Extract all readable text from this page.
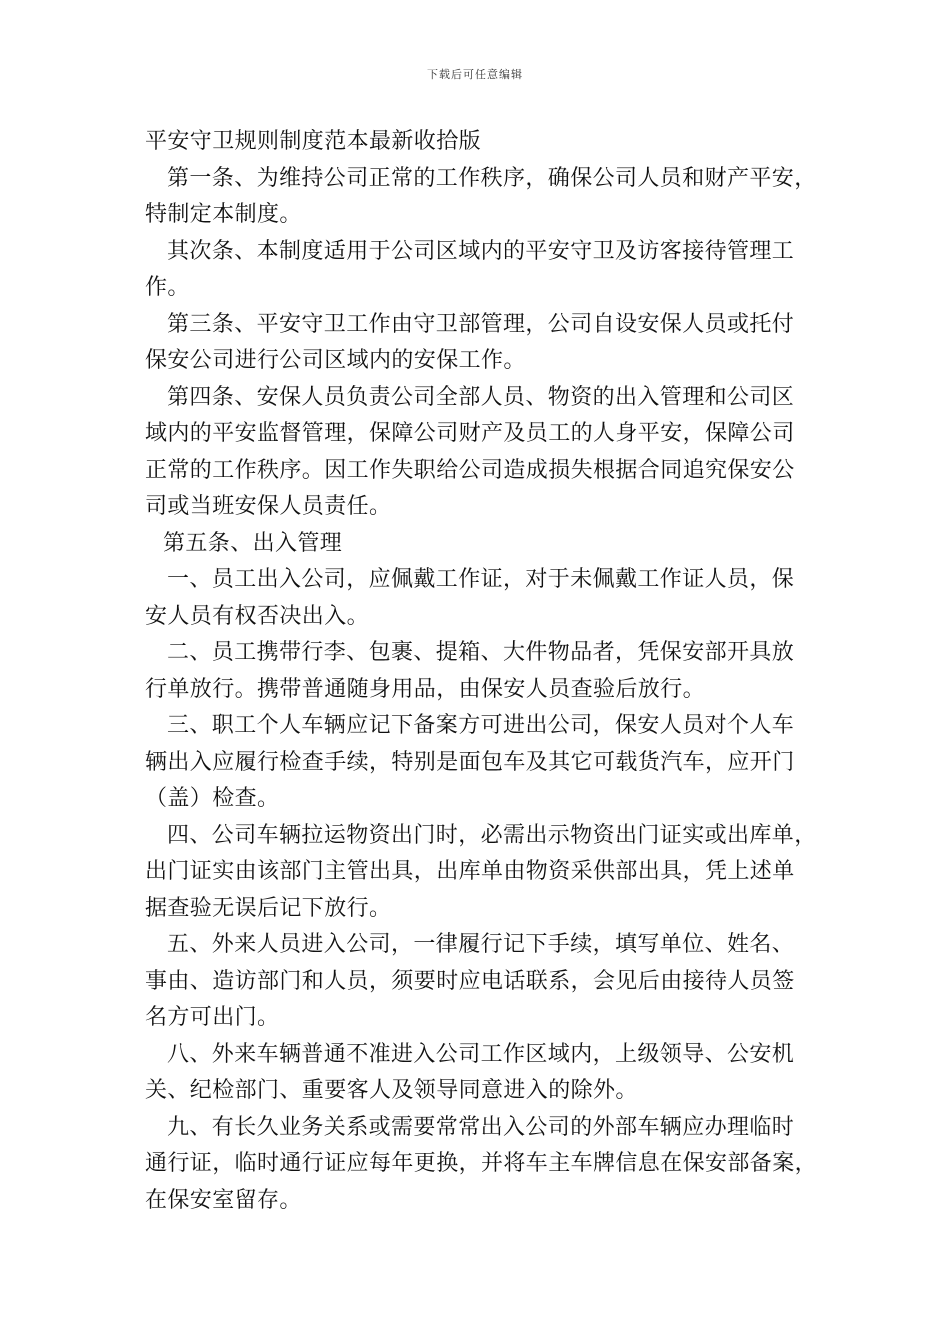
下载后可任意编辑
平安守卫规则制度范本最新收拾版
第一条、为维持公司正常的工作秩序，确保公司人员和财产平安，
特制定本制度。
其次条、本制度适用于公司区域内的平安守卫及访客接待管理工
作。
第三条、平安守卫工作由守卫部管理，公司自设安保人员或托付
保安公司进行公司区域内的安保工作。
第四条、安保人员负责公司全部人员、物资的出入管理和公司区
域内的平安监督管理，保障公司财产及员工的人身平安，保障公司
正常的工作秩序。因工作失职给公司造成损失根据合同追究保安公
司或当班安保人员责任。
第五条、出入管理
一、员工出入公司，应佩戴工作证，对于未佩戴工作证人员，保
安人员有权否决出入。
二、员工携带行李、包裹、提箱、大件物品者，凭保安部开具放
行单放行。携带普通随身用品，由保安人员查验后放行。
三、职工个人车辆应记下备案方可进出公司，保安人员对个人车
辆出入应履行检查手续，特别是面包车及其它可载货汽车，应开门
（盖）检查。
四、公司车辆拉运物资出门时，必需出示物资出门证实或出库单，
出门证实由该部门主管出具，出库单由物资采供部出具，凭上述单
据查验无误后记下放行。
五、外来人员进入公司，一律履行记下手续，填写单位、姓名、
事由、造访部门和人员，须要时应电话联系，会见后由接待人员签
名方可出门。
八、外来车辆普通不准进入公司工作区域内，上级领导、公安机
关、纪检部门、重要客人及领导同意进入的除外。
九、有长久业务关系或需要常常出入公司的外部车辆应办理临时
通行证，临时通行证应每年更换，并将车主车牌信息在保安部备案，
在保安室留存。
